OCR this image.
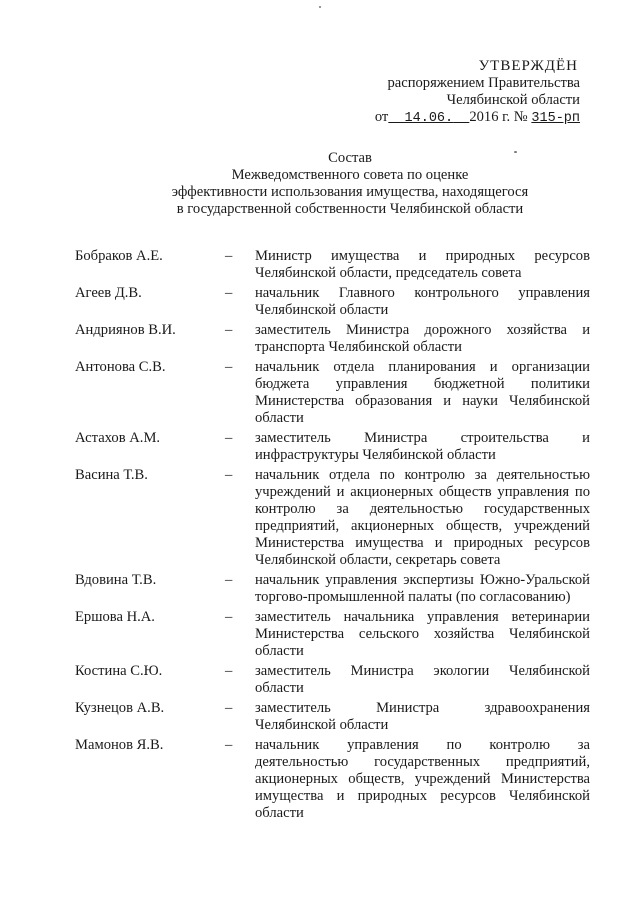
УТВЕРЖДЁН
распоряжением Правительства
Челябинской области
от 14.06. 2016 г. № 315-рп
Состав
Межведомственного совета по оценке
эффективности использования имущества, находящегося
в государственной собственности Челябинской области
Бобраков А.Е.	–	Министр имущества и природных ресурсов Челябинской области, председатель совета
Агеев Д.В.	–	начальник Главного контрольного управления Челябинской области
Андриянов В.И.	–	заместитель Министра дорожного хозяйства и транспорта Челябинской области
Антонова С.В.	–	начальник отдела планирования и организации бюджета управления бюджетной политики Министерства образования и науки Челябинской области
Астахов А.М.	–	заместитель Министра строительства и инфраструктуры Челябинской области
Васина Т.В.	–	начальник отдела по контролю за деятельностью учреждений и акционерных обществ управления по контролю за деятельностью государственных предприятий, акционерных обществ, учреждений Министерства имущества и природных ресурсов Челябинской области, секретарь совета
Вдовина Т.В.	–	начальник управления экспертизы Южно-Уральской торгово-промышленной палаты (по согласованию)
Ершова Н.А.	–	заместитель начальника управления ветеринарии Министерства сельского хозяйства Челябинской области
Костина С.Ю.	–	заместитель Министра экологии Челябинской области
Кузнецов А.В.	–	заместитель Министра здравоохранения Челябинской области
Мамонов Я.В.	–	начальник управления по контролю за деятельностью государственных предприятий, акционерных обществ, учреждений Министерства имущества и природных ресурсов Челябинской области
